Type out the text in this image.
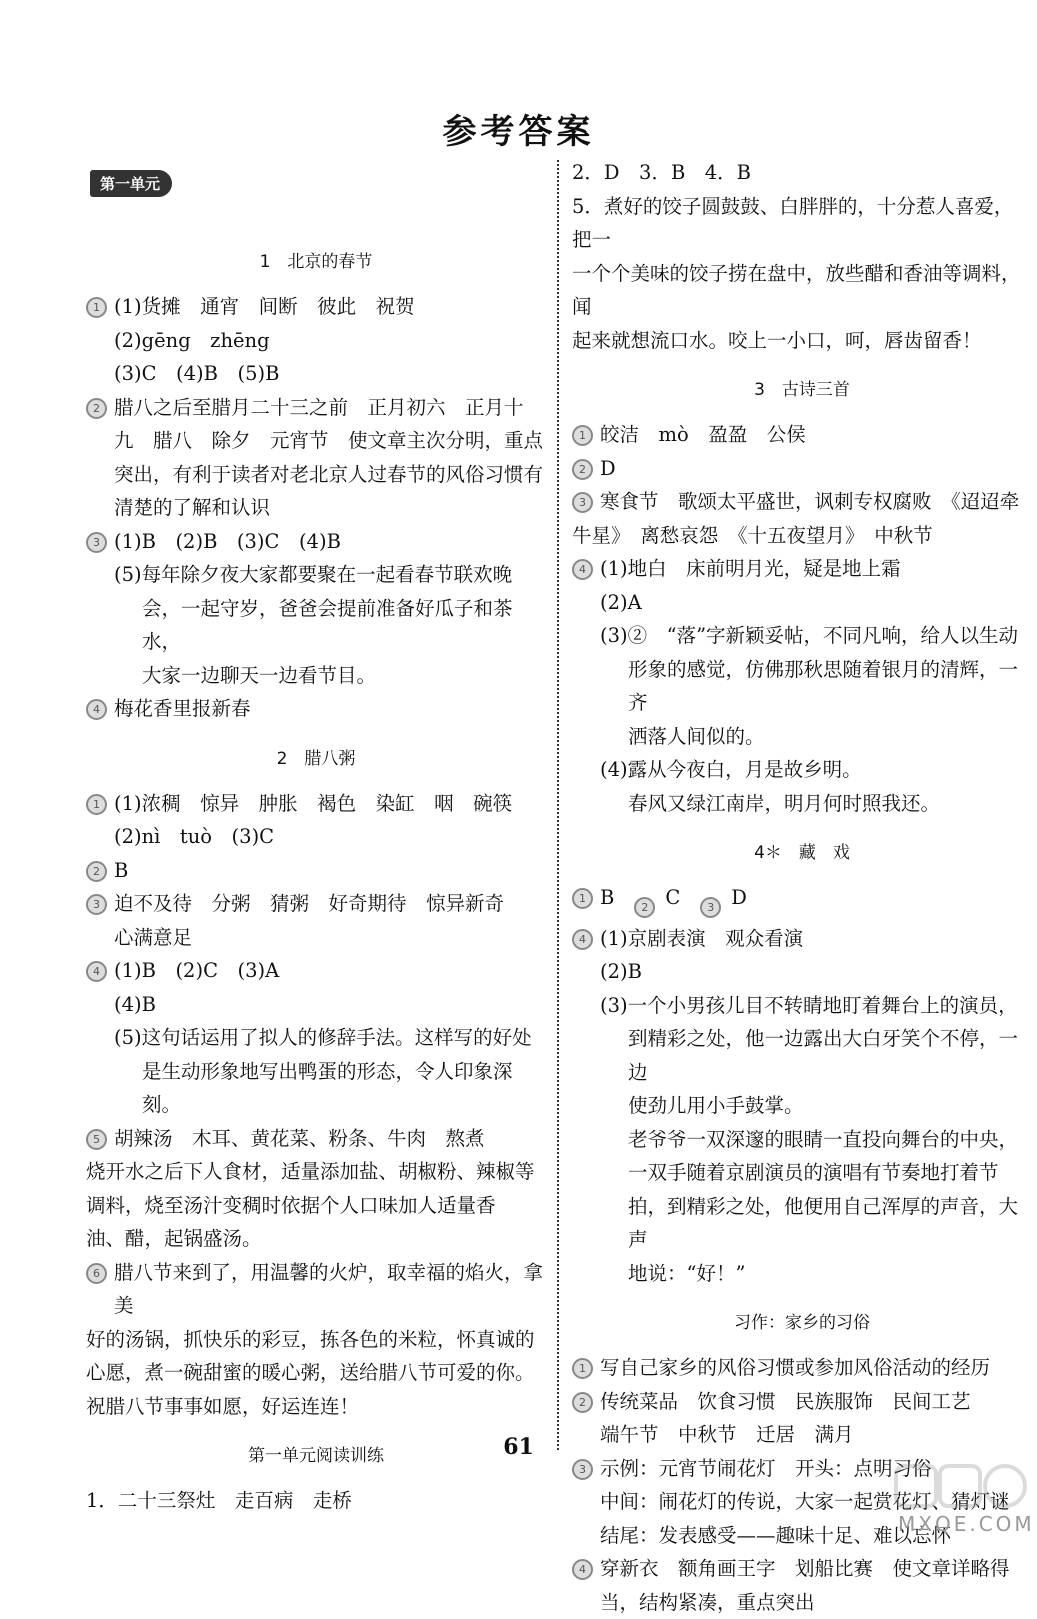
参考答案
第一单元
1　北京的春节
1 (1)货摊　通宵　间断　彼此　祝贺
(2)gēng　zhēng
(3)C　(4)B　(5)B
2 腊八之后至腊月二十三之前　正月初六　正月十
九　腊八　除夕　元宵节　使文章主次分明，重点
突出，有利于读者对老北京人过春节的风俗习惯有
清楚的了解和认识
3 (1)B　(2)B　(3)C　(4)B
(5)每年除夕夜大家都要聚在一起看春节联欢晚
会，一起守岁，爸爸会提前准备好瓜子和茶水，
大家一边聊天一边看节目。
4 梅花香里报新春
2　腊八粥
1 (1)浓稠　惊异　肿胀　褐色　染缸　咽　碗筷
(2)nì　tuò　(3)C
2 B
3 迫不及待　分粥　猜粥　好奇期待　惊异新奇
心满意足
4 (1)B　(2)C　(3)A
(4)B
(5)这句话运用了拟人的修辞手法。这样写的好处
是生动形象地写出鸭蛋的形态，令人印象深刻。
5 胡辣汤　木耳、黄花菜、粉条、牛肉　熬煮
烧开水之后下人食材，适量添加盐、胡椒粉、辣椒等
调料，烧至汤汁变稠时依据个人口味加人适量香
油、醋，起锅盛汤。
6 腊八节来到了，用温馨的火炉，取幸福的焰火，拿美
好的汤锅，抓快乐的彩豆，拣各色的米粒，怀真诚的
心愿，煮一碗甜蜜的暖心粥，送给腊八节可爱的你。
祝腊八节事事如愿，好运连连！
第一单元阅读训练
1．二十三祭灶　走百病　走桥
2．D　3．B　4．B
5．煮好的饺子圆鼓鼓、白胖胖的，十分惹人喜爱，把一
一个个美味的饺子捞在盘中，放些醋和香油等调料，闻
起来就想流口水。咬上一小口，呵，唇齿留香！
3　古诗三首
1 皎洁　mò　盈盈　公侯
2 D
3 寒食节　歌颂太平盛世，讽刺专权腐败　《迢迢牵
牛星》　离愁哀怨　《十五夜望月》　中秋节
4 (1)地白　床前明月光，疑是地上霜
(2)A
(3)②　“落”字新颖妥帖，不同凡响，给人以生动
形象的感觉，仿佛那秋思随着银月的清辉，一齐
洒落人间似的。
(4)露从今夜白，月是故乡明。
春风又绿江南岸，明月何时照我还。
4＊　藏　戏
1 B	2 C	3 D
4 (1)京剧表演　观众看演
(2)B
(3)一个小男孩儿目不转睛地盯着舞台上的演员，
到精彩之处，他一边露出大白牙笑个不停，一边
使劲儿用小手鼓掌。
老爷爷一双深邃的眼睛一直投向舞台的中央，
一双手随着京剧演员的演唱有节奏地打着节
拍，到精彩之处，他便用自己浑厚的声音，大声
地说：“好！”
习作：家乡的习俗
1 写自己家乡的风俗习惯或参加风俗活动的经历
2 传统菜品　饮食习惯　民族服饰　民间工艺
端午节　中秋节　迁居　满月
3 示例：元宵节闹花灯　开头：点明习俗
中间：闹花灯的传说，大家一起赏花灯、猜灯谜
结尾：发表感受——趣味十足、难以忘怀
4 穿新衣　额角画王字　划船比赛　使文章详略得
当，结构紧凑，重点突出
61
MXQE.COM
